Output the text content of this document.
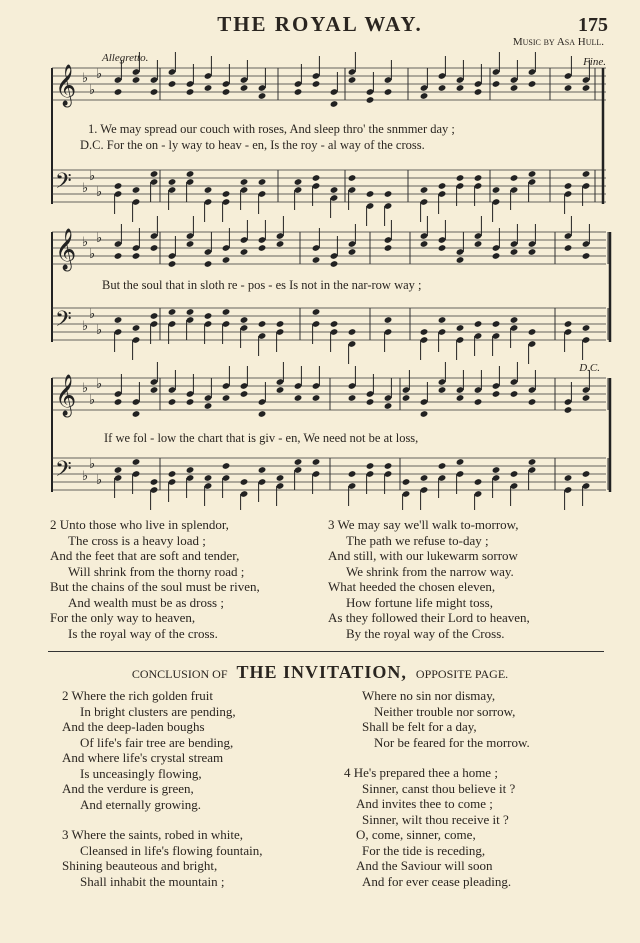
THE ROYAL WAY.	175
Music by Asa Hull.
Allegretto.	Fine.
D.C.
𝄞 ♭
♭
♭
𝄢 ♭
♭
♭
𝄞 ♭
♭
♭
𝄢 ♭
♭
♭
𝄞 ♭
♭
♭
𝄢 ♭
♭
♭
1. We may spread our couch with roses, And sleep thro' the snmmer day ;
D.C. For the on - ly way to heav - en, Is the roy - al way of the cross.
But the soul that in sloth re - pos - es Is not in the nar-row way ;
If we fol - low the chart that is giv - en, We need not be at loss,
2 Unto those who live in splendor,
The cross is a heavy load ;
And the feet that are soft and tender,
Will shrink from the thorny road ;
But the chains of the soul must be riven,
And wealth must be as dross ;
For the only way to heaven,
Is the royal way of the cross.
3 We may say we'll walk to-morrow,
The path we refuse to-day ;
And still, with our lukewarm sorrow
We shrink from the narrow way.
What heeded the chosen eleven,
How fortune life might toss,
As they followed their Lord to heaven,
By the royal way of the Cross.
CONCLUSION OF THE INVITATION, OPPOSITE PAGE.
2 Where the rich golden fruit
In bright clusters are pending,
And the deep-laden boughs
Of life's fair tree are bending,
And where life's crystal stream
Is unceasingly flowing,
And the verdure is green,
And eternally growing.
3 Where the saints, robed in white,
Cleansed in life's flowing fountain,
Shining beauteous and bright,
Shall inhabit the mountain ;
Where no sin nor dismay,
Neither trouble nor sorrow,
Shall be felt for a day,
Nor be feared for the morrow.
4 He's prepared thee a home ;
Sinner, canst thou believe it ?
And invites thee to come ;
Sinner, wilt thou receive it ?
O, come, sinner, come,
For the tide is receding,
And the Saviour will soon
And for ever cease pleading.
